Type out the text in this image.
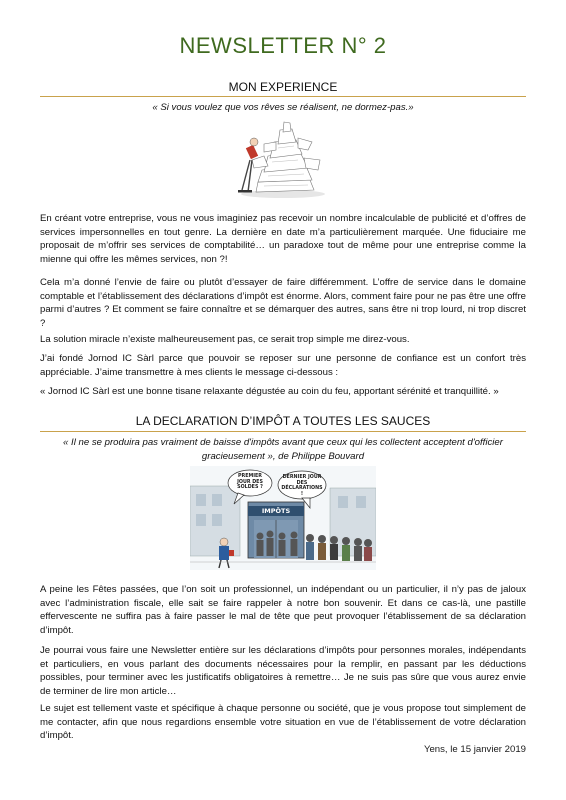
NEWSLETTER N° 2
MON EXPERIENCE
« Si vous voulez que vos rêves se réalisent, ne dormez-pas.»

En créant votre entreprise, vous ne vous imaginiez pas recevoir un nombre incalculable de publicité et d’offres de services impersonnelles en tout genre. La dernière en date m’a particulièrement marquée. Une fiduciaire me proposait de m’offrir ses services de comptabilité… un paradoxe tout de même pour une entreprise comme la mienne qui offre les mêmes services, non ?!

Cela m’a donné l’envie de faire ou plutôt d’essayer de faire différemment. L’offre de service dans le domaine comptable et l’établissement des déclarations d’impôt est énorme. Alors, comment faire pour ne pas être une offre parmi d’autres ? Et comment se faire connaître et se démarquer des autres, sans être ni trop lourd, ni trop discret ?

La solution miracle n’existe malheureusement pas, ce serait trop simple me direz-vous.

J’ai fondé Jornod IC Sàrl parce que pouvoir se reposer sur une personne de confiance est un confort très appréciable. J’aime transmettre à mes clients le message ci-dessous :

« Jornod IC Sàrl est une bonne tisane relaxante dégustée au coin du feu, apportant sérénité et tranquillité. »

LA DECLARATION D’IMPÔT A TOUTES LES SAUCES
« Il ne se produira pas vraiment de baisse d'impôts avant que ceux qui les collectent acceptent d'officier gracieusement », de Philippe Bouvard
PREMIER JOUR DES SOLDES ?
DERNIER JOUR DES DÉCLARATIONS !
IMPÔTS

A peine les Fêtes passées, que l’on soit un professionnel, un indépendant ou un particulier, il n’y pas de jaloux avec l’administration fiscale, elle sait se faire rappeler à notre bon souvenir. Et dans ce cas-là, une pastille effervescente ne suffira pas à faire passer le mal de tête que peut provoquer l’établissement de sa déclaration d’impôt.

Je pourrai vous faire une Newsletter entière sur les déclarations d’impôts pour personnes morales, indépendants et particuliers, en vous parlant des documents nécessaires pour la remplir, en passant par les déductions possibles, pour terminer avec les justificatifs obligatoires à remettre… Je ne suis pas sûre que vous aurez envie de terminer de lire mon article…

Le sujet est tellement vaste et spécifique à chaque personne ou société, que je vous propose tout simplement de me contacter, afin que nous regardions ensemble votre situation en vue de l’établissement de votre déclaration d’impôt.

Yens, le 15 janvier 2019
